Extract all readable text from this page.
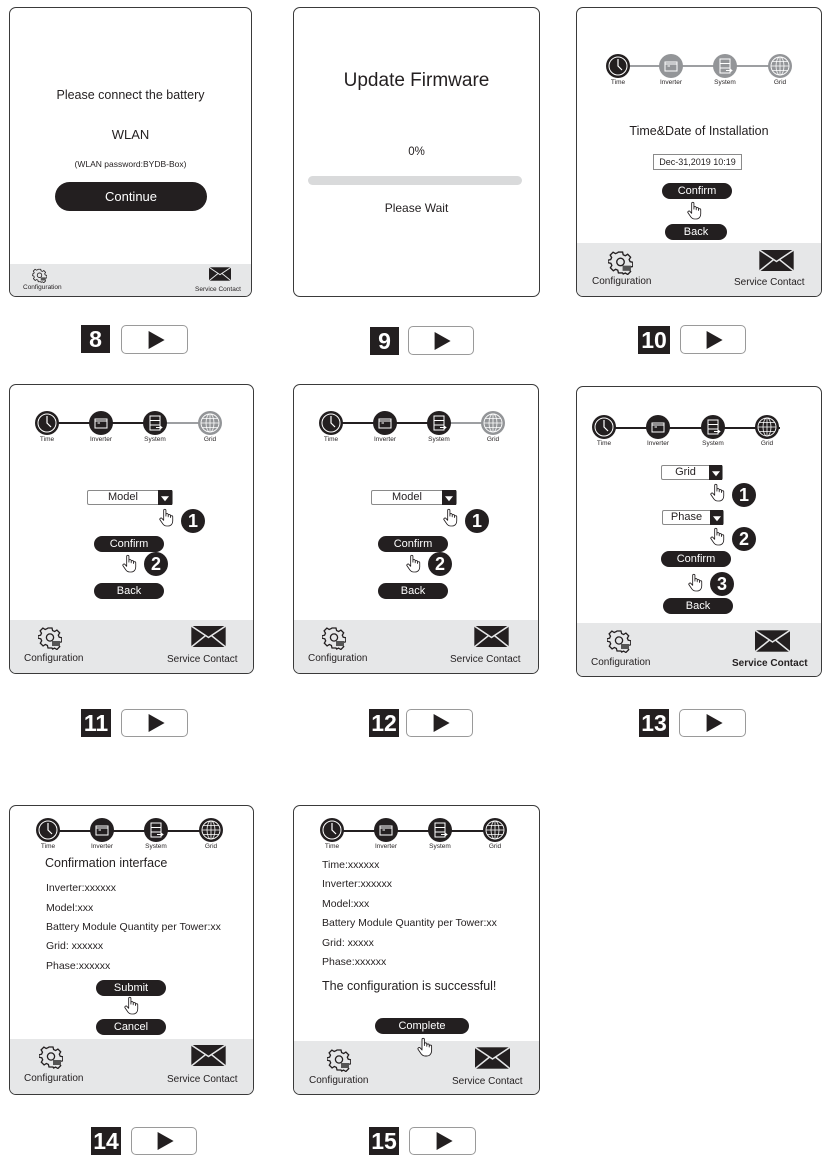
Please connect the battery
WLAN
(WLAN password:BYDB-Box)
Continue
Configuration	Service Contact
Update Firmware
0%
Please Wait
Time	Inverter	System	Grid
Time&Date of Installation
Dec-31,2019 10:19
Confirm
Back
Configuration	Service Contact
Time	Inverter	System	Grid
Model
1
Confirm
2
Back
Configuration	Service Contact
Time	Inverter	System	Grid
Model
1
Confirm
2
Back
Configuration	Service Contact
Time	Inverter	System	Grid
Grid
1
Phase
2
Confirm
3
Back
Configuration	Service Contact
Time	Inverter	System	Grid
Confirmation interface
Inverter:xxxxxx
Model:xxx
Battery Module Quantity per Tower:xx
Grid: xxxxxx
Phase:xxxxxx
Submit
Cancel
Configuration	Service Contact
Time	Inverter	System	Grid
Time:xxxxxx
Inverter:xxxxxx
Model:xxx
Battery Module Quantity per Tower:xx
Grid: xxxxx
Phase:xxxxxx
The configuration is successful!
Complete
Configuration	Service Contact
8	9	10
11	12	13
14	15
